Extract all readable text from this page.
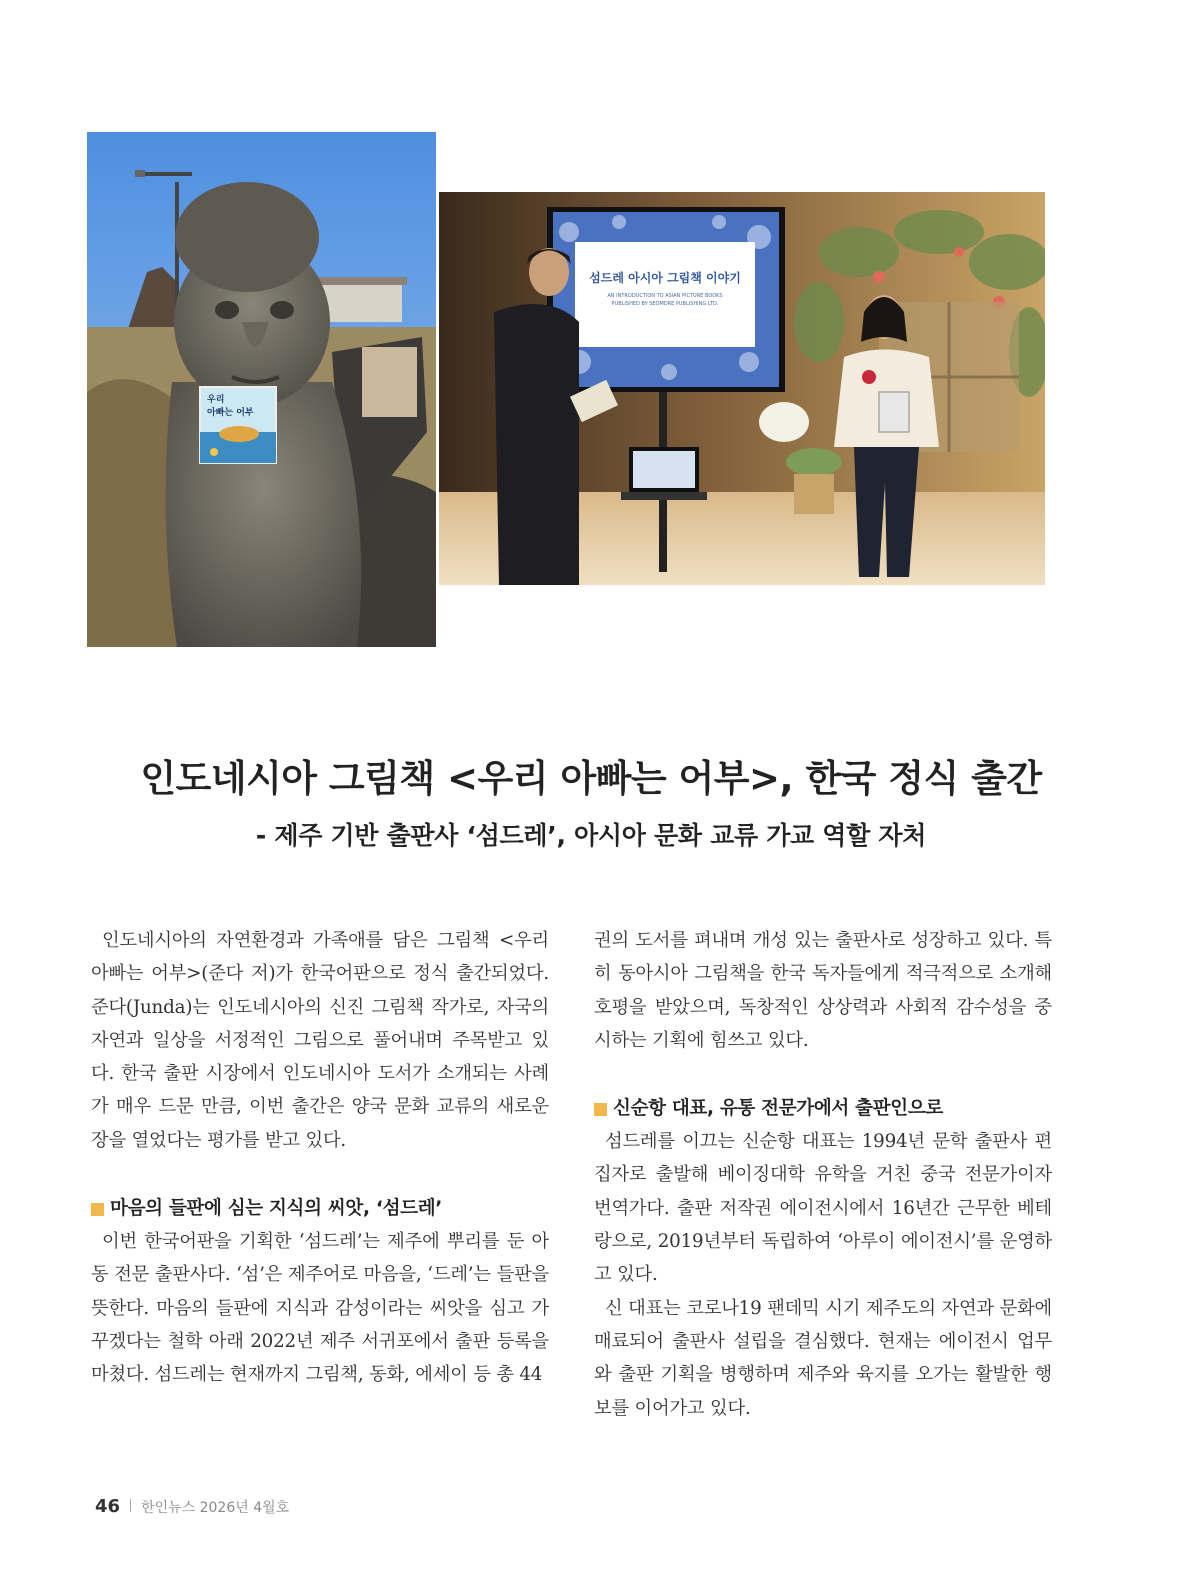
우리
아빠는 어부
섬드레 아시아 그림책 이야기
AN INTRODUCTION TO ASIAN PICTURE BOOKS
PUBLISHED BY SEOMDRE PUBLISHING LTD.
인도네시아 그림책 <우리 아빠는 어부>, 한국 정식 출간
- 제주 기반 출판사 ‘섬드레’, 아시아 문화 교류 가교 역할 자처

인도네시아의 자연환경과 가족애를 담은 그림책 <우리 아빠는 어부>(준다 저)가 한국어판으로 정식 출간되었다. 준다(Junda)는 인도네시아의 신진 그림책 작가로, 자국의 자연과 일상을 서정적인 그림으로 풀어내며 주목받고 있다. 한국 출판 시장에서 인도네시아 도서가 소개되는 사례가 매우 드문 만큼, 이번 출간은 양국 문화 교류의 새로운 장을 열었다는 평가를 받고 있다.

마음의 들판에 심는 지식의 씨앗, ‘섬드레’

이번 한국어판을 기획한 ‘섬드레’는 제주에 뿌리를 둔 아동 전문 출판사다. ‘섬’은 제주어로 마음을, ‘드레’는 들판을 뜻한다. 마음의 들판에 지식과 감성이라는 씨앗을 심고 가꾸겠다는 철학 아래 2022년 제주 서귀포에서 출판 등록을 마쳤다. 섬드레는 현재까지 그림책, 동화, 에세이 등 총 44

권의 도서를 펴내며 개성 있는 출판사로 성장하고 있다. 특히 동아시아 그림책을 한국 독자들에게 적극적으로 소개해 호평을 받았으며, 독창적인 상상력과 사회적 감수성을 중시하는 기획에 힘쓰고 있다.

신순항 대표, 유통 전문가에서 출판인으로

섬드레를 이끄는 신순항 대표는 1994년 문학 출판사 편집자로 출발해 베이징대학 유학을 거친 중국 전문가이자 번역가다. 출판 저작권 에이전시에서 16년간 근무한 베테랑으로, 2019년부터 독립하여 ‘아루이 에이전시’를 운영하고 있다.

신 대표는 코로나19 팬데믹 시기 제주도의 자연과 문화에 매료되어 출판사 설립을 결심했다. 현재는 에이전시 업무와 출판 기획을 병행하며 제주와 육지를 오가는 활발한 행보를 이어가고 있다.

46 한인뉴스 2026년 4월호
